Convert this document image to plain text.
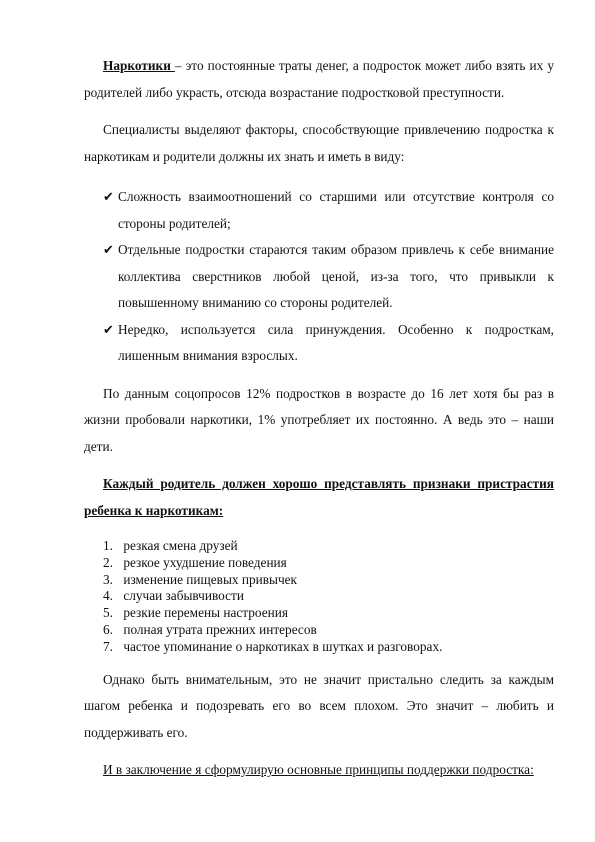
Наркотики – это постоянные траты денег, а подросток может либо взять их у родителей либо украсть, отсюда возрастание подростковой преступности.

Специалисты выделяют факторы, способствующие привлечению подростка к наркотикам и родители должны их знать и иметь в виду:

✔ Сложность взаимоотношений со старшими или отсутствие контроля со стороны родителей;
✔ Отдельные подростки стараются таким образом привлечь к себе внимание коллектива сверстников любой ценой, из-за того, что привыкли к повышенному вниманию со стороны родителей.
✔ Нередко, используется сила принуждения. Особенно к подросткам, лишенным внимания взрослых.

По данным соцопросов 12% подростков в возрасте до 16 лет хотя бы раз в жизни пробовали наркотики, 1% употребляет их постоянно. А ведь это – наши дети.

Каждый родитель должен хорошо представлять признаки пристрастия ребенка к наркотикам:

1. резкая смена друзей
2. резкое ухудшение поведения
3. изменение пищевых привычек
4. случаи забывчивости
5. резкие перемены настроения
6. полная утрата прежних интересов
7. частое упоминание о наркотиках в шутках и разговорах.

Однако быть внимательным, это не значит пристально следить за каждым шагом ребенка и подозревать его во всем плохом. Это значит – любить и поддерживать его.

И в заключение я сформулирую основные принципы поддержки подростка:
